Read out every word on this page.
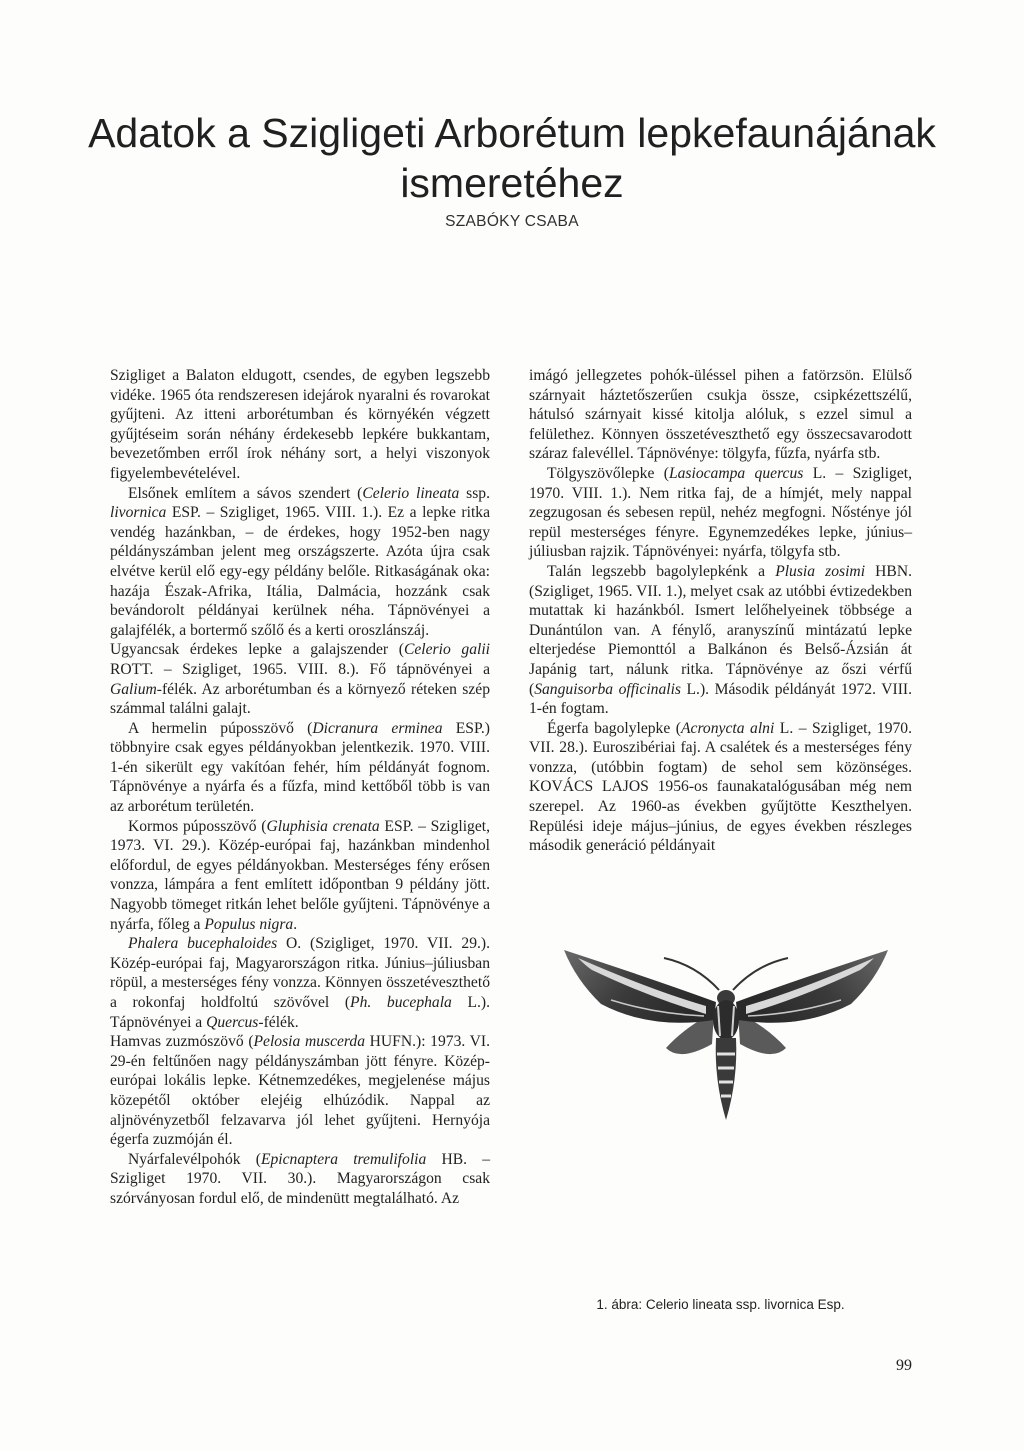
Adatok a Szigligeti Arborétum lepkefaunájának
ismeretéhez
SZABÓKY CSABA

Szigliget a Balaton eldugott, csendes, de egyben legszebb vidéke. 1965 óta rendszeresen idejárok nyaralni és rovarokat gyűjteni. Az itteni arborétumban és környékén végzett gyűjtéseim során néhány érdekesebb lepkére bukkantam, bevezetőmben erről írok néhány sort, a helyi viszonyok figyelembevételével.

Elsőnek említem a sávos szendert (Celerio lineata ssp. livornica ESP. – Szigliget, 1965. VIII. 1.). Ez a lepke ritka vendég hazánkban, – de érdekes, hogy 1952-ben nagy példányszámban jelent meg országszerte. Azóta újra csak elvétve kerül elő egy-egy példány belőle. Ritkaságának oka: hazája Észak-Afrika, Itália, Dalmácia, hozzánk csak bevándorolt példányai kerülnek néha. Tápnövényei a galajfélék, a bortermő szőlő és a kerti oroszlánszáj.

Ugyancsak érdekes lepke a galajszender (Celerio galii ROTT. – Szigliget, 1965. VIII. 8.). Fő tápnövényei a Galium-félék. Az arborétumban és a környező réteken szép számmal találni galajt.

A hermelin púposszövő (Dicranura erminea ESP.) többnyire csak egyes példányokban jelentkezik. 1970. VIII. 1-én sikerült egy vakítóan fehér, hím példányát fognom. Tápnövénye a nyárfa és a fűzfa, mind kettőből több is van az arborétum területén.

Kormos púposszövő (Gluphisia crenata ESP. – Szigliget, 1973. VI. 29.). Közép-európai faj, hazánkban mindenhol előfordul, de egyes példányokban. Mesterséges fény erősen vonzza, lámpára a fent említett időpontban 9 példány jött. Nagyobb tömeget ritkán lehet belőle gyűjteni. Tápnövénye a nyárfa, főleg a Populus nigra.

Phalera bucephaloides O. (Szigliget, 1970. VII. 29.). Közép-európai faj, Magyarországon ritka. Június–júliusban röpül, a mesterséges fény vonzza. Könnyen összetéveszthető a rokonfaj holdfoltú szövővel (Ph. bucephala L.). Tápnövényei a Quercus-félék.

Hamvas zuzmószövő (Pelosia muscerda HUFN.): 1973. VI. 29-én feltűnően nagy példányszámban jött fényre. Közép-európai lokális lepke. Kétnemzedékes, megjelenése május közepétől október elejéig elhúzódik. Nappal az aljnövényzetből felzavarva jól lehet gyűjteni. Hernyója égerfa zuzmóján él.

Nyárfalevélpohók (Epicnaptera tremulifolia HB. – Szigliget 1970. VII. 30.). Magyarországon csak szórványosan fordul elő, de mindenütt megtalálható. Az

imágó jellegzetes pohók-üléssel pihen a fatörzsön. Elülső szárnyait háztetőszerűen csukja össze, csipkézettszélű, hátulsó szárnyait kissé kitolja alóluk, s ezzel simul a felülethez. Könnyen összetéveszthető egy összecsavarodott száraz falevéllel. Tápnövénye: tölgyfa, fűzfa, nyárfa stb.

Tölgyszövőlepke (Lasiocampa quercus L. – Szigliget, 1970. VIII. 1.). Nem ritka faj, de a hímjét, mely nappal zegzugosan és sebesen repül, nehéz megfogni. Nőstényе jól repül mesterséges fényre. Egynemzedékes lepke, június–júliusban rajzik. Tápnövényei: nyárfa, tölgyfa stb.

Talán legszebb bagolylepkénk a Plusia zosimi HBN. (Szigliget, 1965. VII. 1.), melyet csak az utóbbi évtizedekben mutattak ki hazánkból. Ismert lelőhelyeinek többsége a Dunántúlon van. A fénylő, aranyszínű mintázatú lepke elterjedése Piemonttól a Balkánon és Belső-Ázsián át Japánig tart, nálunk ritka. Tápnövénye az őszi vérfű (Sanguisorba officinalis L.). Második példányát 1972. VIII. 1-én fogtam.

Égerfa bagolylepke (Acronycta alni L. – Szigliget, 1970. VII. 28.). Euroszibériai faj. A csalétek és a mesterséges fény vonzza, (utóbbin fogtam) de sehol sem közönséges. KOVÁCS LAJOS 1956-os faunakatalógusában még nem szerepel. Az 1960-as években gyűjtötte Keszthelyen. Repülési ideje május–június, de egyes években részleges második generáció példányait

1. ábra: Celerio lineata ssp. livornica Esp.
99
